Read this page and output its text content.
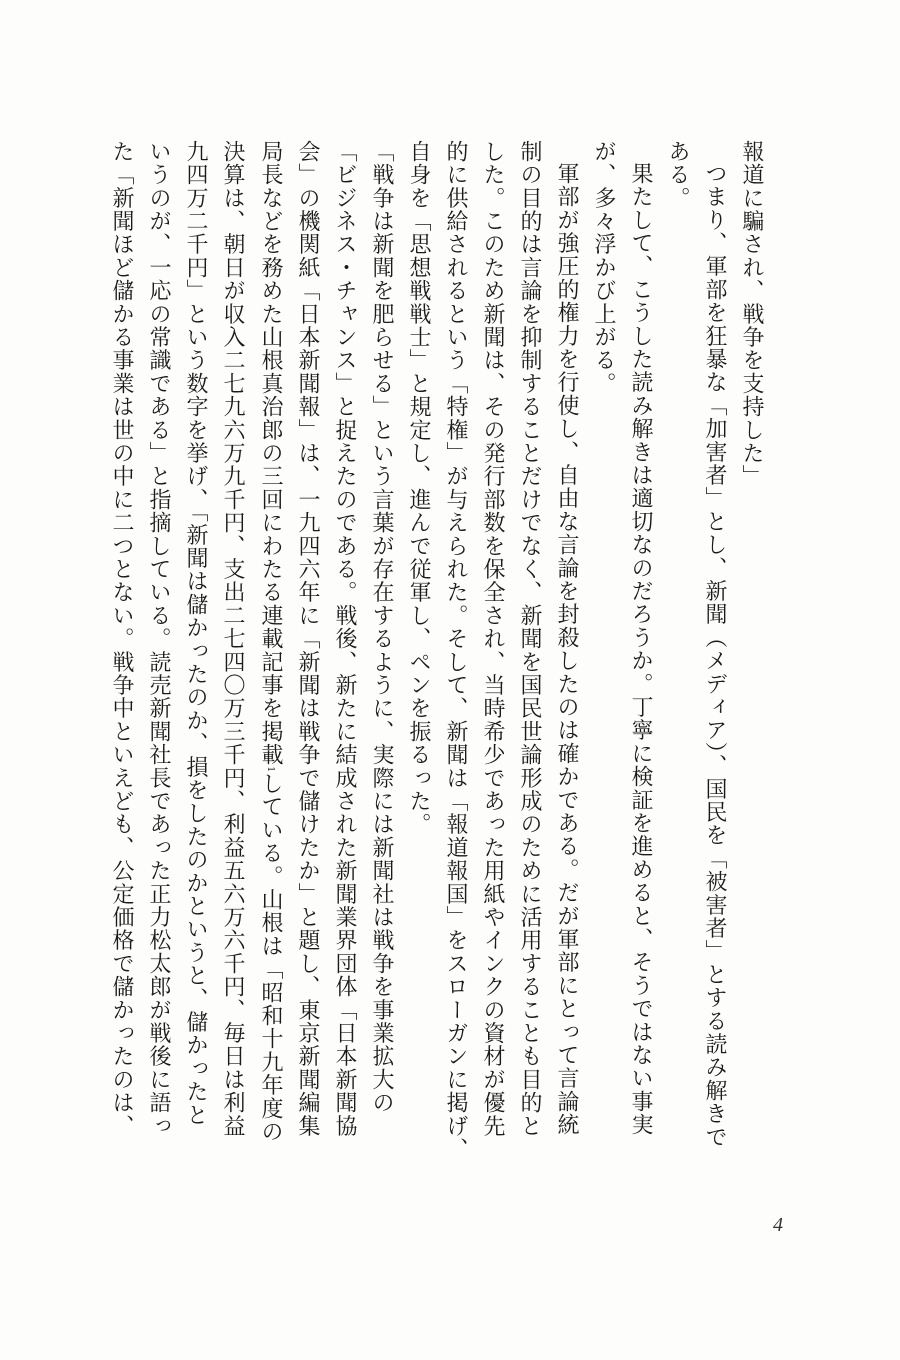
報道に騙され、戦争を支持した」
つまり、軍部を狂暴な「加害者」とし、新聞（メディア）、国民を「被害者」とする読み解きで
ある。
果たして、こうした読み解きは適切なのだろうか。丁寧に検証を進めると、そうではない事実
が、多々浮かび上がる。
軍部が強圧的権力を行使し、自由な言論を封殺したのは確かである。だが軍部にとって言論統
制の目的は言論を抑制することだけでなく、新聞を国民世論形成のために活用することも目的と
した。このため新聞は、その発行部数を保全され、当時希少であった用紙やインクの資材が優先
的に供給されるという「特権」が与えられた。そして、新聞は「報道報国」をスローガンに掲げ、
自身を「思想戦戦士」と規定し、進んで従軍し、ペンを振るった。
「戦争は新聞を肥らせる」という言葉が存在するように、実際には新聞社は戦争を事業拡大の
「ビジネス・チャンス」と捉えたのである。戦後、新たに結成された新聞業界団体「日本新聞協
会」の機関紙「日本新聞報」は、一九四六年に「新聞は戦争で儲けたか」と題し、東京新聞編集
局長などを務めた山根真治郎の三回にわたる連載記事を掲載1している。山根は「昭和十九年度の
決算は、朝日が収入二七九六万九千円、支出二七四〇万三千円、利益五六万六千円、毎日は利益
九四万二千円」という数字を挙げ、「新聞は儲かったのか、損をしたのかというと、儲かったと
いうのが、一応の常識である」と指摘している。読売新聞社長であった正力松太郎が戦後に語っ
た「新聞ほど儲かる事業は世の中に二つとない。戦争中といえども、公定価格で儲かったのは、
4
